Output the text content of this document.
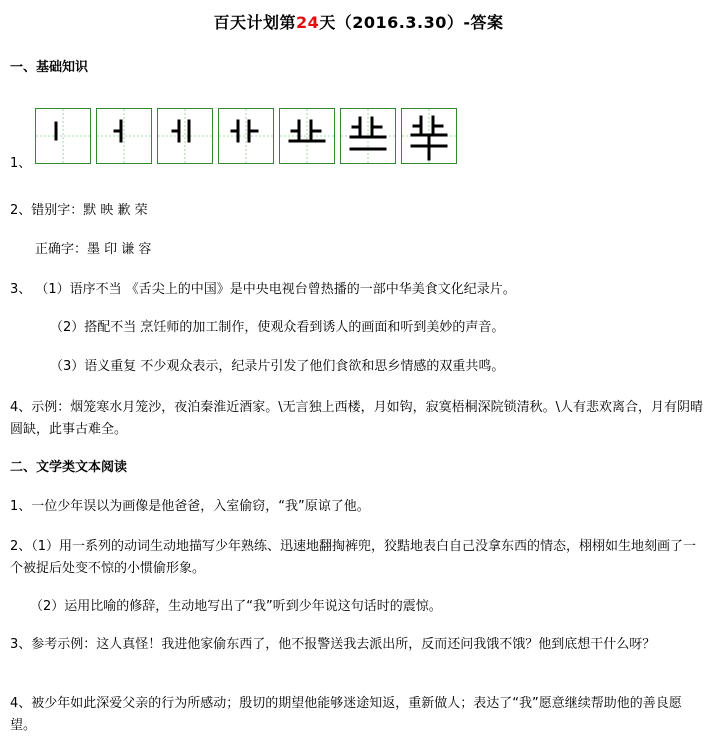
百天计划第24天（2016.3.30）-答案
一、基础知识
1、
2、错别字：默 映 歉 荣
正确字：墨 印 谦 容
3、 （1）语序不当 《舌尖上的中国》是中央电视台曾热播的一部中华美食文化纪录片。
（2）搭配不当 烹饪师的加工制作，使观众看到诱人的画面和听到美妙的声音。
（3）语义重复 不少观众表示，纪录片引发了他们食欲和思乡情感的双重共鸣。
4、示例：烟笼寒水月笼沙，夜泊秦淮近酒家。\无言独上西楼，月如钩，寂寞梧桐深院锁清秋。\人有悲欢离合，月有阴晴圆缺，此事古难全。
二、文学类文本阅读
1、一位少年误以为画像是他爸爸，入室偷窃，“我”原谅了他。
2、（1）用一系列的动词生动地描写少年熟练、迅速地翻掏裤兜，狡黠地表白自己没拿东西的情态，栩栩如生地刻画了一个被捉后处变不惊的小惯偷形象。
（2）运用比喻的修辞，生动地写出了“我”听到少年说这句话时的震惊。
3、参考示例：这人真怪！我进他家偷东西了，他不报警送我去派出所，反而还问我饿不饿？他到底想干什么呀？
4、被少年如此深爱父亲的行为所感动；殷切的期望他能够迷途知返，重新做人；表达了“我”愿意继续帮助他的善良愿望。
